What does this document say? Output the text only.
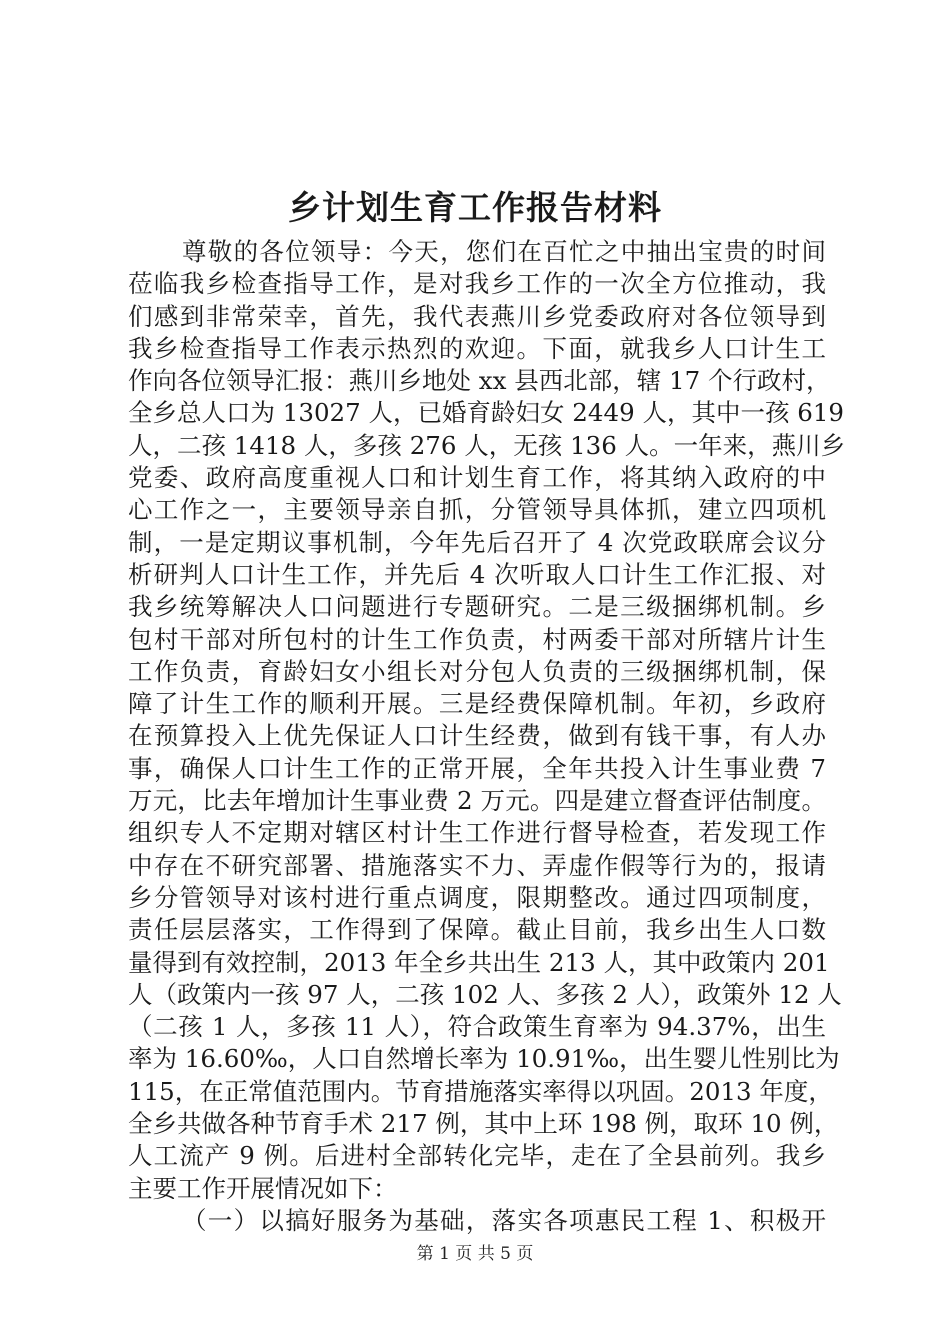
乡计划生育工作报告材料
尊敬的各位领导：今天，您们在百忙之中抽出宝贵的时间
莅临我乡检查指导工作，是对我乡工作的一次全方位推动，我
们感到非常荣幸，首先，我代表燕川乡党委政府对各位领导到
我乡检查指导工作表示热烈的欢迎。下面，就我乡人口计生工
作向各位领导汇报：燕川乡地处 xx 县西北部，辖 17 个行政村，
全乡总人口为 13027 人，已婚育龄妇女 2449 人，其中一孩 619
人，二孩 1418 人，多孩 276 人，无孩 136 人。一年来，燕川乡
党委、政府高度重视人口和计划生育工作，将其纳入政府的中
心工作之一，主要领导亲自抓，分管领导具体抓，建立四项机
制，一是定期议事机制，今年先后召开了 4 次党政联席会议分
析研判人口计生工作，并先后 4 次听取人口计生工作汇报、对
我乡统筹解决人口问题进行专题研究。二是三级捆绑机制。乡
包村干部对所包村的计生工作负责，村两委干部对所辖片计生
工作负责，育龄妇女小组长对分包人负责的三级捆绑机制，保
障了计生工作的顺利开展。三是经费保障机制。年初，乡政府
在预算投入上优先保证人口计生经费，做到有钱干事，有人办
事，确保人口计生工作的正常开展，全年共投入计生事业费 7
万元，比去年增加计生事业费 2 万元。四是建立督查评估制度。
组织专人不定期对辖区村计生工作进行督导检查，若发现工作
中存在不研究部署、措施落实不力、弄虚作假等行为的，报请
乡分管领导对该村进行重点调度，限期整改。通过四项制度，
责任层层落实，工作得到了保障。截止目前，我乡出生人口数
量得到有效控制，2013 年全乡共出生 213 人，其中政策内 201
人（政策内一孩 97 人，二孩 102 人、多孩 2 人），政策外 12 人
（二孩 1 人，多孩 11 人），符合政策生育率为 94.37%，出生
率为 16.60‰，人口自然增长率为 10.91‰，出生婴儿性别比为
115，在正常值范围内。节育措施落实率得以巩固。2013 年度，
全乡共做各种节育手术 217 例，其中上环 198 例，取环 10 例，
人工流产 9 例。后进村全部转化完毕，走在了全县前列。我乡
主要工作开展情况如下：
（一）以搞好服务为基础，落实各项惠民工程 1、积极开
第 1 页 共 5 页
